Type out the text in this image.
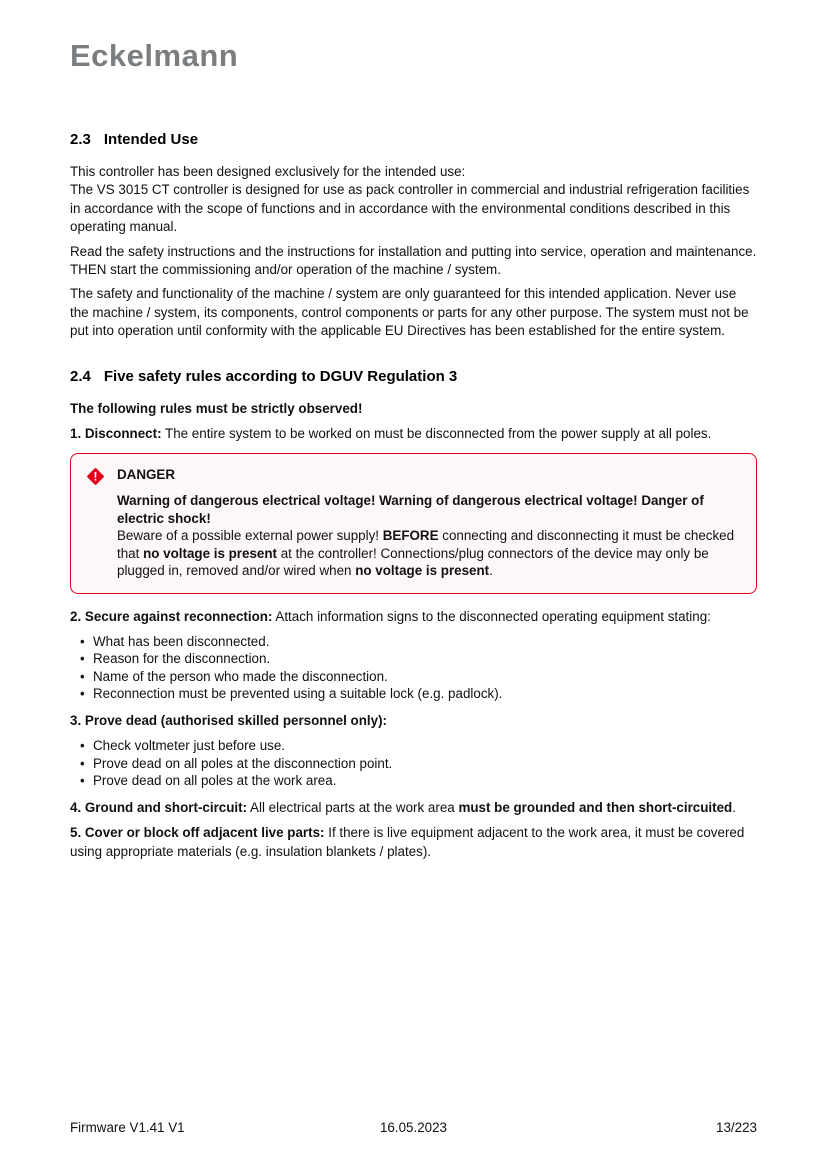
Eckelmann
2.3 Intended Use

This controller has been designed exclusively for the intended use:
The VS 3015 CT controller is designed for use as pack controller in commercial and industrial refrigeration facilities in accordance with the scope of functions and in accordance with the environmental conditions described in this operating manual.

Read the safety instructions and the instructions for installation and putting into service, operation and maintenance. THEN start the commissioning and/or operation of the machine / system.

The safety and functionality of the machine / system are only guaranteed for this intended application. Never use the machine / system, its components, control components or parts for any other purpose. The system must not be put into operation until conformity with the applicable EU Directives has been established for the entire system.

2.4 Five safety rules according to DGUV Regulation 3

The following rules must be strictly observed!

1. Disconnect: The entire system to be worked on must be disconnected from the power supply at all poles.

! DANGER

Warning of dangerous electrical voltage! Warning of dangerous electrical voltage! Danger of electric shock!

Beware of a possible external power supply! BEFORE connecting and disconnecting it must be checked that no voltage is present at the controller! Connections/plug connectors of the device may only be plugged in, removed and/or wired when no voltage is present.

2. Secure against reconnection: Attach information signs to the disconnected operating equipment stating:

• What has been disconnected.
• Reason for the disconnection.
• Name of the person who made the disconnection.
• Reconnection must be prevented using a suitable lock (e.g. padlock).

3. Prove dead (authorised skilled personnel only):

• Check voltmeter just before use.
• Prove dead on all poles at the disconnection point.
• Prove dead on all poles at the work area.

4. Ground and short-circuit: All electrical parts at the work area must be grounded and then short-circuited.

5. Cover or block off adjacent live parts: If there is live equipment adjacent to the work area, it must be covered using appropriate materials (e.g. insulation blankets / plates).

Firmware V1.41 V1	16.05.2023	13/223
